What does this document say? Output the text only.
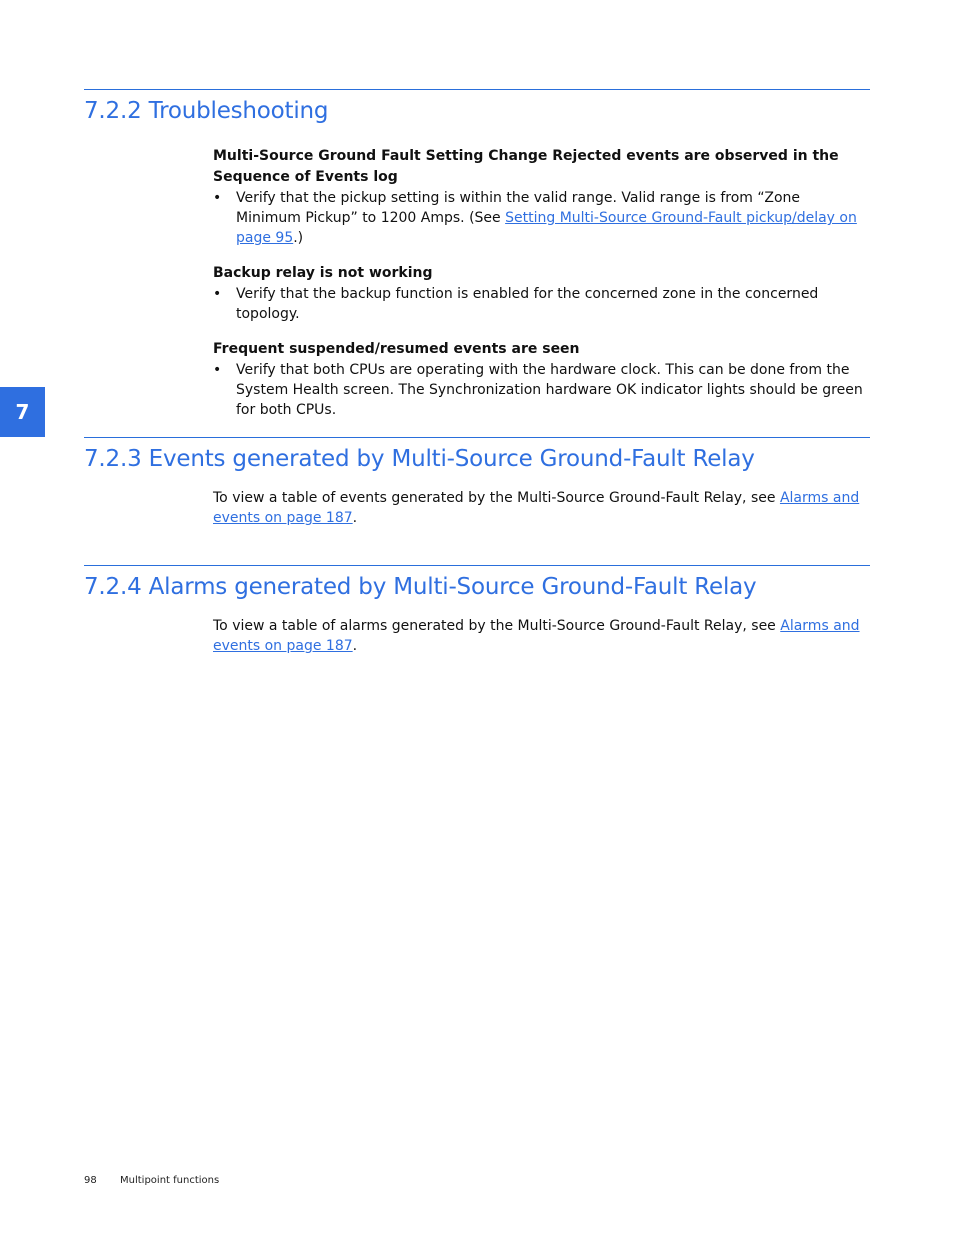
7.2.2 Troubleshooting

Multi-Source Ground Fault Setting Change Rejected events are observed in the Sequence of Events log

• Verify that the pickup setting is within the valid range. Valid range is from “Zone Minimum Pickup” to 1200 Amps. (See Setting Multi-Source Ground-Fault pickup/delay on page 95.)

Backup relay is not working

• Verify that the backup function is enabled for the concerned zone in the concerned topology.

Frequent suspended/resumed events are seen

• Verify that both CPUs are operating with the hardware clock. This can be done from the System Health screen. The Synchronization hardware OK indicator lights should be green for both CPUs.

7
7.2.3 Events generated by Multi-Source Ground-Fault Relay

To view a table of events generated by the Multi-Source Ground-Fault Relay, see Alarms and events on page 187.

7.2.4 Alarms generated by Multi-Source Ground-Fault Relay

To view a table of alarms generated by the Multi-Source Ground-Fault Relay, see Alarms and events on page 187.

98 Multipoint functions
